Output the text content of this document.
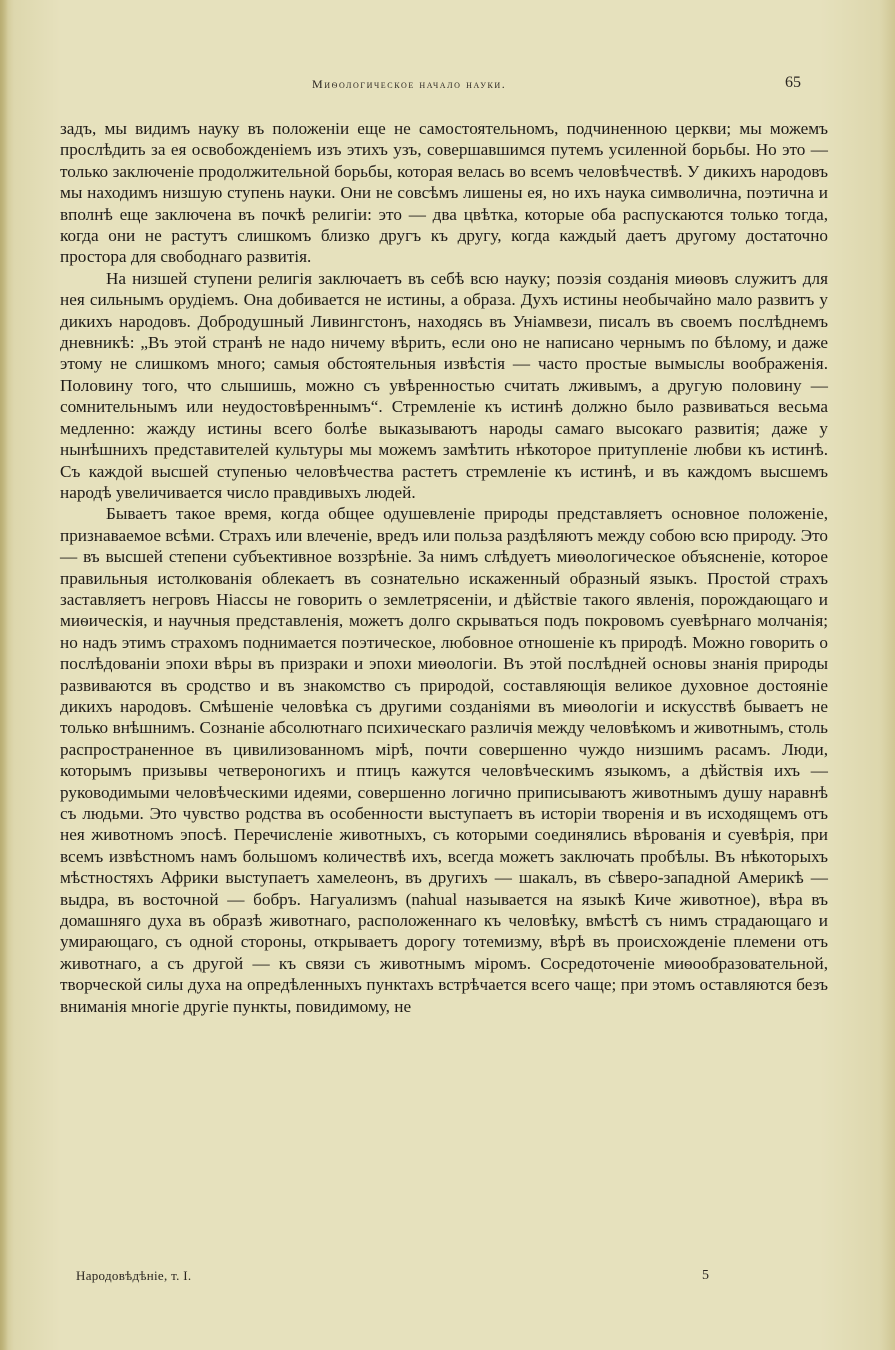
Миѳологическое начало науки.	65

задъ, мы видимъ науку въ положеніи еще не самостоятельномъ, подчиненною церкви; мы можемъ прослѣдить за ея освобожденіемъ изъ этихъ узъ, совершавшимся путемъ усиленной борьбы. Но это — только заключеніе продолжительной борьбы, которая велась во всемъ человѣчествѣ. У дикихъ народовъ мы находимъ низшую ступень науки. Они не совсѣмъ лишены ея, но ихъ наука символична, поэтична и вполнѣ еще заключена въ почкѣ религіи: это — два цвѣтка, которые оба распускаются только тогда, когда они не растутъ слишкомъ близко другъ къ другу, когда каждый даетъ другому достаточно простора для свободнаго развитія.

На низшей ступени религія заключаетъ въ себѣ всю науку; поэзія созданія миѳовъ служитъ для нея сильнымъ орудіемъ. Она добивается не истины, а образа. Духъ истины необычайно мало развитъ у дикихъ народовъ. Добродушный Ливингстонъ, находясь въ Уніамвези, писалъ въ своемъ послѣднемъ дневникѣ: „Въ этой странѣ не надо ничему вѣрить, если оно не написано чернымъ по бѣлому, и даже этому не слишкомъ много; самыя обстоятельныя извѣстія — часто простые вымыслы воображенія. Половину того, что слышишь, можно съ увѣренностью считать лживымъ, а другую половину — сомнительнымъ или неудостовѣреннымъ“. Стремленіе къ истинѣ должно было развиваться весьма медленно: жажду истины всего болѣе выказываютъ народы самаго высокаго развитія; даже у нынѣшнихъ представителей культуры мы можемъ замѣтить нѣкоторое притупленіе любви къ истинѣ. Съ каждой высшей ступенью человѣчества растетъ стремленіе къ истинѣ, и въ каждомъ высшемъ народѣ увеличивается число правдивыхъ людей.

Бываетъ такое время, когда общее одушевленіе природы представляетъ основное положеніе, признаваемое всѣми. Страхъ или влеченіе, вредъ или польза раздѣляютъ между собою всю природу. Это — въ высшей степени субъективное воззрѣніе. За нимъ слѣдуетъ миѳологическое объясненіе, которое правильныя истолкованія облекаетъ въ сознательно искаженный образный языкъ. Простой страхъ заставляетъ негровъ Ніассы не говорить о землетрясеніи, и дѣйствіе такого явленія, порождающаго и миѳическія, и научныя представленія, можетъ долго скрываться подъ покровомъ суевѣрнаго молчанія; но надъ этимъ страхомъ поднимается поэтическое, любовное отношеніе къ природѣ. Можно говорить о послѣдованіи эпохи вѣры въ призраки и эпохи миѳологіи. Въ этой послѣдней основы знанія природы развиваются въ сродство и въ знакомство съ природой, составляющія великое духовное достояніе дикихъ народовъ. Смѣшеніе человѣка съ другими созданіями въ миѳологіи и искусствѣ бываетъ не только внѣшнимъ. Сознаніе абсолютнаго психическаго различія между человѣкомъ и животнымъ, столь распространенное въ цивилизованномъ мірѣ, почти совершенно чуждо низшимъ расамъ. Люди, которымъ призывы четвероногихъ и птицъ кажутся человѣческимъ языкомъ, а дѣйствія ихъ — руководимыми человѣческими идеями, совершенно логично приписываютъ животнымъ душу наравнѣ съ людьми. Это чувство родства въ особенности выступаетъ въ исторіи творенія и въ исходящемъ отъ нея животномъ эпосѣ. Перечисленіе животныхъ, съ которыми соединялись вѣрованія и суевѣрія, при всемъ извѣстномъ намъ большомъ количествѣ ихъ, всегда можетъ заключать пробѣлы. Въ нѣкоторыхъ мѣстностяхъ Африки выступаетъ хамелеонъ, въ другихъ — шакалъ, въ сѣверо-западной Америкѣ — выдра, въ восточной — бобръ. Нагуализмъ (nahual называется на языкѣ Киче животное), вѣра въ домашняго духа въ образѣ животнаго, расположеннаго къ человѣку, вмѣстѣ съ нимъ страдающаго и умирающаго, съ одной стороны, открываетъ дорогу тотемизму, вѣрѣ въ происхожденіе племени отъ животнаго, а съ другой — къ связи съ животнымъ міромъ. Сосредоточеніе миѳообразовательной, творческой силы духа на опредѣленныхъ пунктахъ встрѣчается всего чаще; при этомъ оставляются безъ вниманія многіе другіе пункты, повидимому, не

Народовѣдѣніе, т. I.	5
